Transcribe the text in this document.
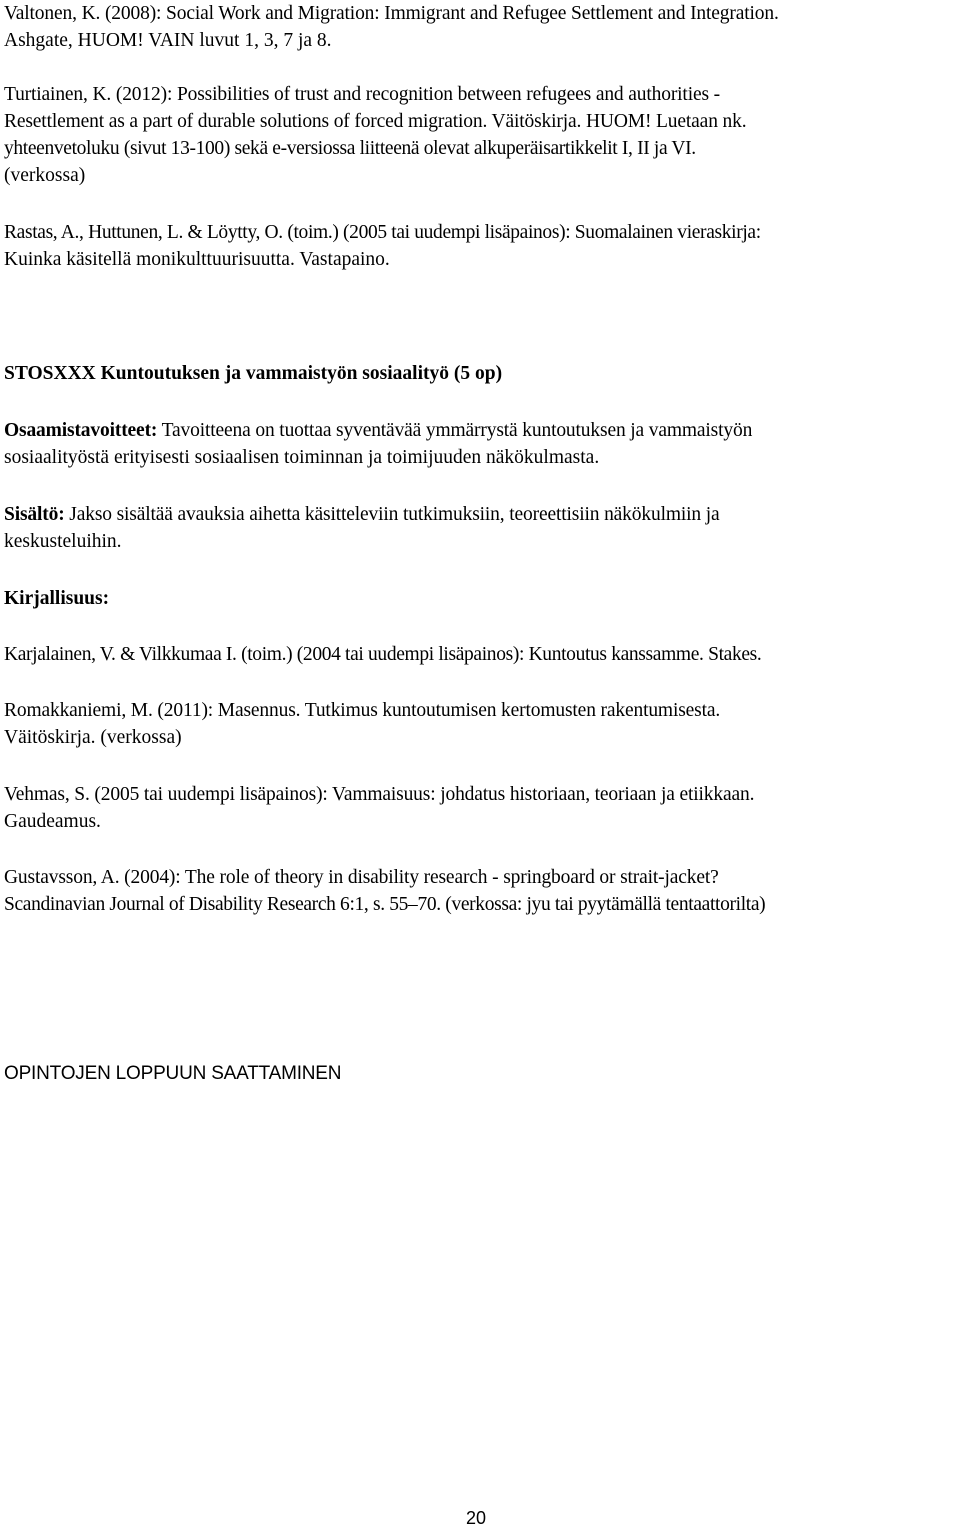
Valtonen, K. (2008): Social Work and Migration: Immigrant and Refugee Settlement and Integration.
Ashgate, HUOM! VAIN luvut 1, 3, 7 ja 8.

Turtiainen, K. (2012): Possibilities of trust and recognition between refugees and authorities -
Resettlement as a part of durable solutions of forced migration. Väitöskirja. HUOM! Luetaan nk.
yhteenvetoluku (sivut 13-100) sekä e-versiossa liitteenä olevat alkuperäisartikkelit I, II ja VI.
(verkossa)

Rastas, A., Huttunen, L. & Löytty, O. (toim.) (2005 tai uudempi lisäpainos): Suomalainen vieraskirja:
Kuinka käsitellä monikulttuurisuutta. Vastapaino.

STOSXXX Kuntoutuksen ja vammaistyön sosiaalityö (5 op)

Osaamistavoitteet: Tavoitteena on tuottaa syventävää ymmärrystä kuntoutuksen ja vammaistyön
sosiaalityöstä erityisesti sosiaalisen toiminnan ja toimijuuden näkökulmasta.

Sisältö: Jakso sisältää avauksia aihetta käsitteleviin tutkimuksiin, teoreettisiin näkökulmiin ja
keskusteluihin.

Kirjallisuus:

Karjalainen, V. & Vilkkumaa I. (toim.) (2004 tai uudempi lisäpainos): Kuntoutus kanssamme. Stakes.

Romakkaniemi, M. (2011): Masennus. Tutkimus kuntoutumisen kertomusten rakentumisesta.
Väitöskirja. (verkossa)

Vehmas, S. (2005 tai uudempi lisäpainos): Vammaisuus: johdatus historiaan, teoriaan ja etiikkaan.
Gaudeamus.

Gustavsson, A. (2004): The role of theory in disability research - springboard or strait-jacket?
Scandinavian Journal of Disability Research 6:1, s. 55–70. (verkossa: jyu tai pyytämällä tentaattorilta)

OPINTOJEN LOPPUUN SAATTAMINEN
20
